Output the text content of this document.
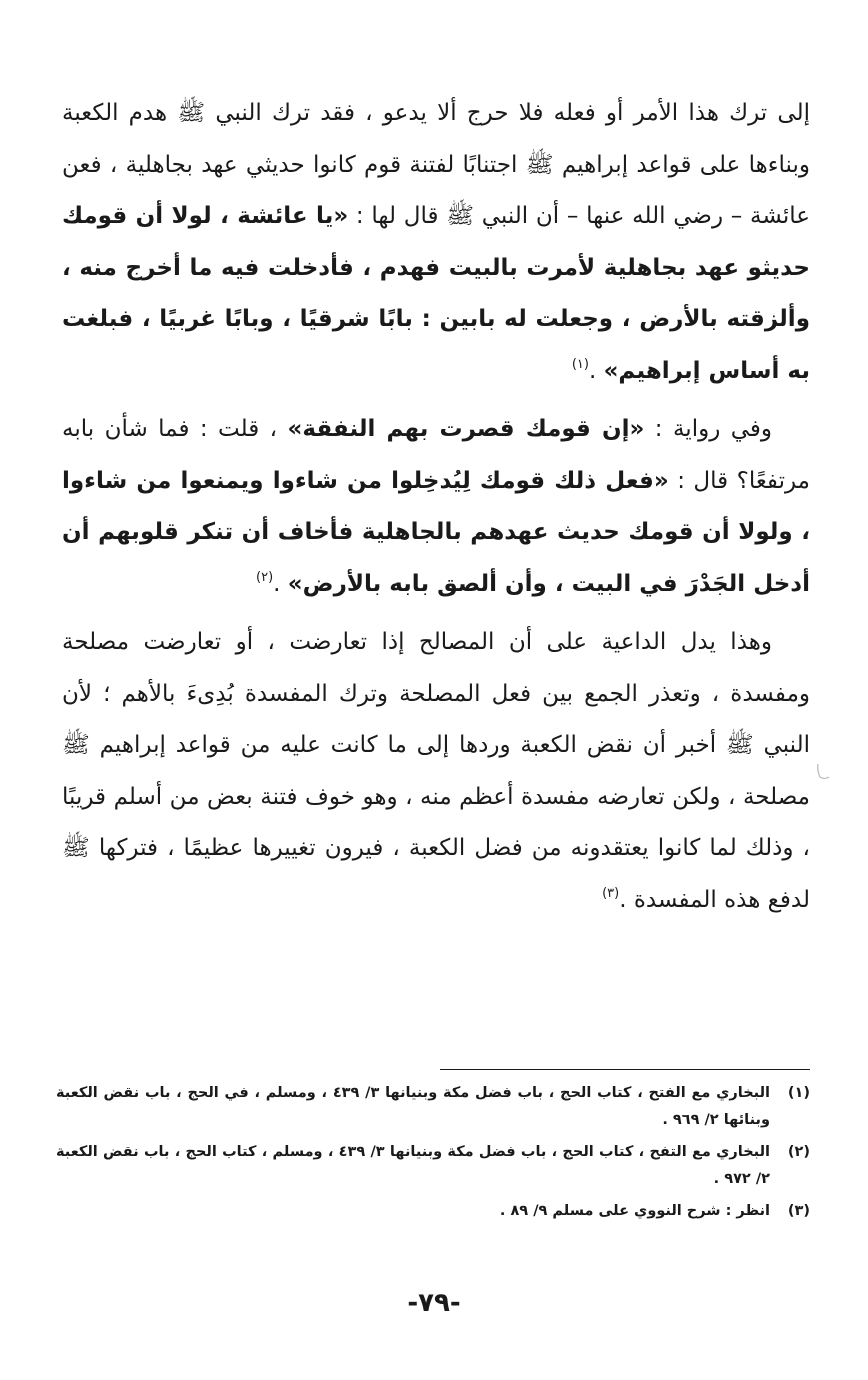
إلى ترك هذا الأمر أو فعله فلا حرج ألا يدعو ، فقد ترك النبي ﷺ هدم الكعبة وبناءها على قواعد إبراهيم ﷺ اجتنابًا لفتنة قوم كانوا حديثي عهد بجاهلية ، فعن عائشة – رضي الله عنها – أن النبي ﷺ قال لها : «يا عائشة ، لولا أن قومك حديثو عهد بجاهلية لأمرت بالبيت فهدم ، فأدخلت فيه ما أخرج منه ، وألزقته بالأرض ، وجعلت له بابين : بابًا شرقيًا ، وبابًا غربيًا ، فبلغت به أساس إبراهيم» .$^{(١)}$

وفي رواية : «إن قومك قصرت بهم النفقة» ، قلت : فما شأن بابه مرتفعًا؟ قال : «فعل ذلك قومك لِيُدخِلوا من شاءوا ويمنعوا من شاءوا ، ولولا أن قومك حديث عهدهم بالجاهلية فأخاف أن تنكر قلوبهم أن أدخل الجَدْرَ في البيت ، وأن ألصق بابه بالأرض» .$^{(٢)}$

وهذا يدل الداعية على أن المصالح إذا تعارضت ، أو تعارضت مصلحة ومفسدة ، وتعذر الجمع بين فعل المصلحة وترك المفسدة بُدِىءَ بالأهم ؛ لأن النبي ﷺ أخبر أن نقض الكعبة وردها إلى ما كانت عليه من قواعد إبراهيم ﷺ مصلحة ، ولكن تعارضه مفسدة أعظم منه ، وهو خوف فتنة بعض من أسلم قريبًا ، وذلك لما كانوا يعتقدونه من فضل الكعبة ، فيرون تغييرها عظيمًا ، فتركها ﷺ لدفع هذه المفسدة .$^{(٣)}$

(١)
البخاري مع الفتح ، كتاب الحج ، باب فضل مكة وبنيانها ٣/ ٤٣٩ ، ومسلم ، في الحج ، باب نقض الكعبة وبنائها ٢/ ٩٦٩ .
(٢)
البخاري مع التفح ، كتاب الحج ، باب فضل مكة وبنيانها ٣/ ٤٣٩ ، ومسلم ، كتاب الحج ، باب نقض الكعبة ٢/ ٩٧٢ .
(٣)
انظر : شرح النووي على مسلم ٩/ ٨٩ .
-٧٩-
